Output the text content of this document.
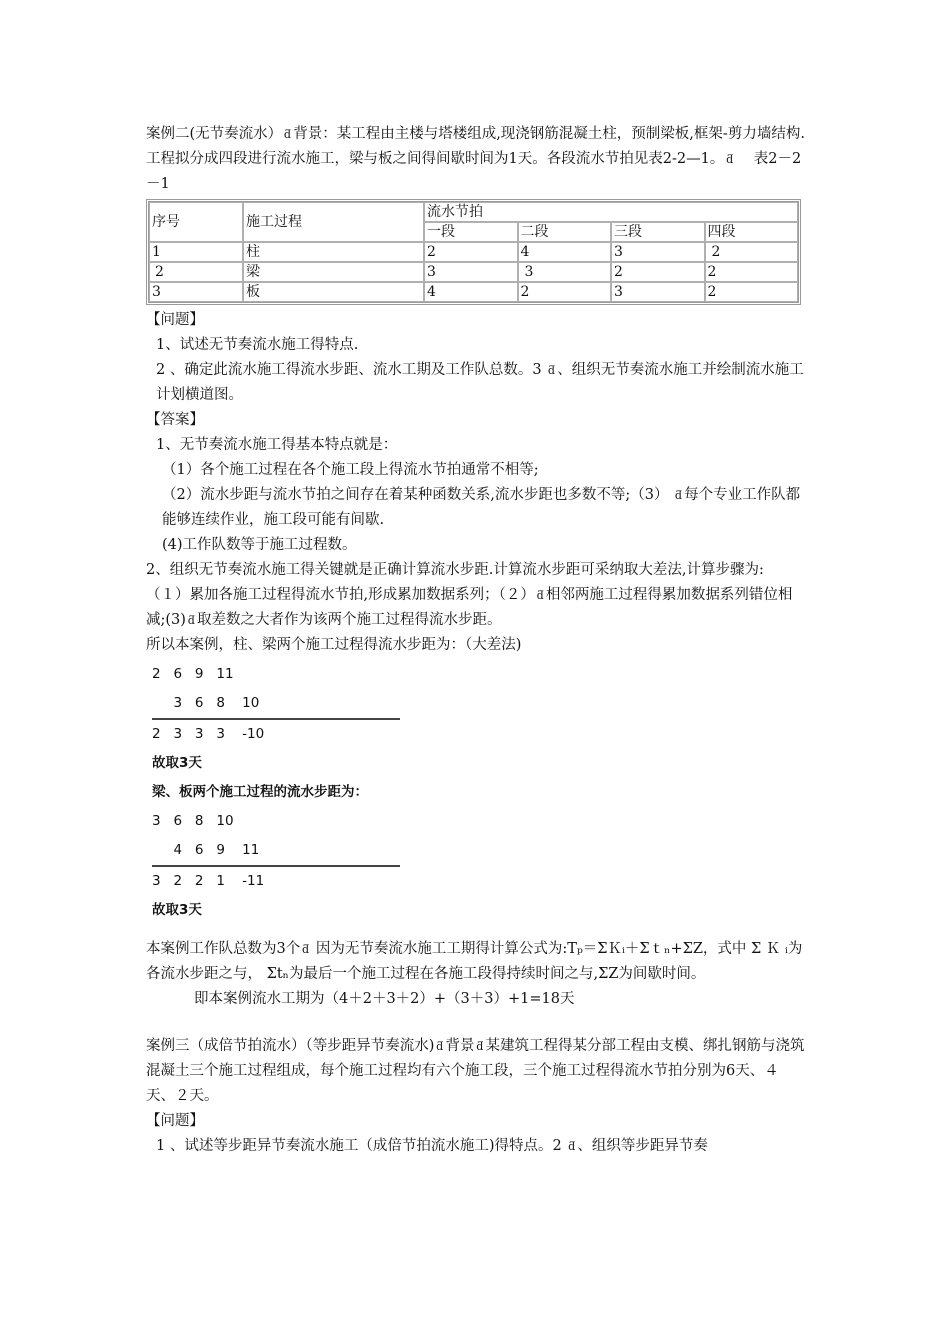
案例二(无节奏流水） ƌ 背景：某工程由主楼与塔楼组成,现浇钢筋混凝土柱，预制梁板,框架-剪力墙结构.工程拟分成四段进行流水施工，梁与板之间得间歇时间为1天。各段流水节拍见表2-2—1。 ƌ 表2－2－1

序号	施工过程	流水节拍			
		一段	二段	三段	四段
1	柱	2	4	3	2
2	梁	3	3	2	2
3	板	4	2	3	2

【问题】

1、试述无节奏流水施工得特点.

2 、确定此流水施工得流水步距、流水工期及工作队总数。3 ƌ 、组织无节奏流水施工并绘制流水施工计划横道图。

【答案】

1、无节奏流水施工得基本特点就是：

（1）各个施工过程在各个施工段上得流水节拍通常不相等;

（2）流水步距与流水节拍之间存在着某种函数关系,流水步距也多数不等;（3） ƌ 每个专业工作队都能够连续作业，施工段可能有间歇.

(4)工作队数等于施工过程数。

2、组织无节奏流水施工得关键就是正确计算流水步距.计算流水步距可采纳取大差法,计算步骤为:

（１）累加各施工过程得流水节拍,形成累加数据系列；（２） ƌ 相邻两施工过程得累加数据系列错位相减;(3) ƌ 取差数之大者作为该两个施工过程得流水步距。

所以本案例，柱、梁两个施工过程得流水步距为：（大差法)

2   6   9   11
3   6   8    10
2   3   3   3    -10
故取3天
梁、板两个施工过程的流水步距为：
3   6   8   10
4   6   9    11
3   2   2   1    -11
故取3天

本案例工作队总数为3个 ƌ 因为无节奏流水施工工期得计算公式为:Tₚ＝ΣＫᵢ＋Σｔₙ+ΣZ，式中 Σ Ｋ ᵢ为各流水步距之与， Σtₙ为最后一个施工过程在各施工段得持续时间之与,ΣZ为间歇时间。

即本案例流水工期为（4＋2＋3＋2）+（3＋3）+1=18天

案例三（成倍节拍流水）（等步距异节奏流水) ƌ 背景 ƌ 某建筑工程得某分部工程由支模、绑扎钢筋与浇筑混凝土三个施工过程组成，每个施工过程均有六个施工段，三个施工过程得流水节拍分别为6天、４天、２天。

【问题】

1 、试述等步距异节奏流水施工（成倍节拍流水施工)得特点。2 ƌ 、组织等步距异节奏
